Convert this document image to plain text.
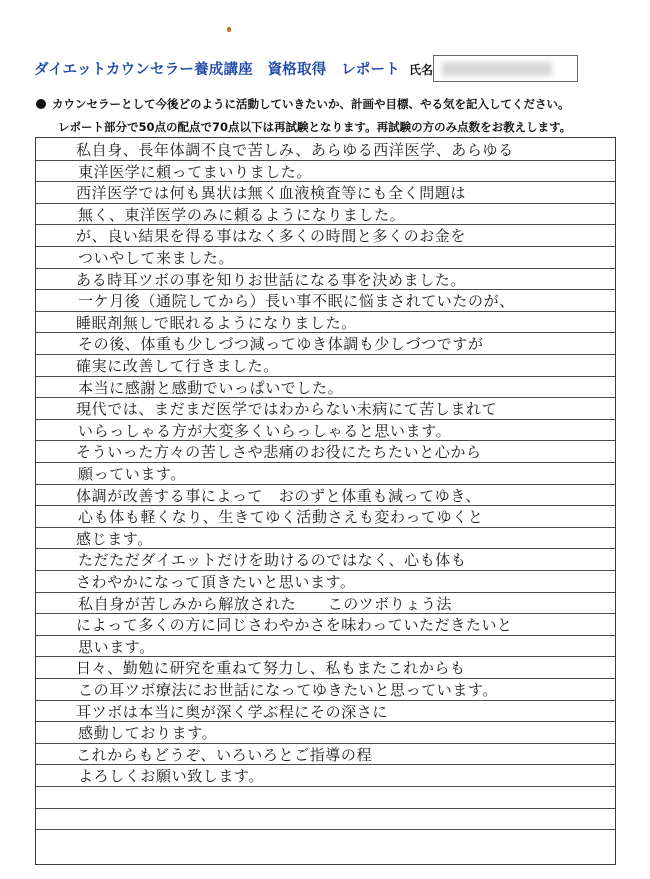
ダイエットカウンセラー養成講座　資格取得　レポート 氏名
カウンセラーとして今後どのように活動していきたいか、計画や目標、やる気を記入してください。
レポート部分で50点の配点で70点以下は再試験となります。再試験の方のみ点数をお教えします。
私自身、長年体調不良で苦しみ、あらゆる西洋医学、あらゆる
東洋医学に頼ってまいりました。
西洋医学では何も異状は無く血液検査等にも全く問題は
無く、東洋医学のみに頼るようになりました。
が、良い結果を得る事はなく多くの時間と多くのお金を
ついやして来ました。
ある時耳ツボの事を知りお世話になる事を決めました。
一ケ月後（通院してから）長い事不眠に悩まされていたのが、
睡眠剤無しで眠れるようになりました。
その後、体重も少しづつ減ってゆき体調も少しづつですが
確実に改善して行きました。
本当に感謝と感動でいっぱいでした。
現代では、まだまだ医学ではわからない未病にて苦しまれて
いらっしゃる方が大変多くいらっしゃると思います。
そういった方々の苦しさや悲痛のお役にたちたいと心から
願っています。
体調が改善する事によって　おのずと体重も減ってゆき、
心も体も軽くなり、生きてゆく活動さえも変わってゆくと
感じます。
ただただダイエットだけを助けるのではなく、心も体も
さわやかになって頂きたいと思います。
私自身が苦しみから解放された　　このツボりょう法
によって多くの方に同じさわやかさを味わっていただきたいと
思います。
日々、勤勉に研究を重ねて努力し、私もまたこれからも
この耳ツボ療法にお世話になってゆきたいと思っています。
耳ツボは本当に奥が深く学ぶ程にその深さに
感動しております。
これからもどうぞ、いろいろとご指導の程
よろしくお願い致します。
